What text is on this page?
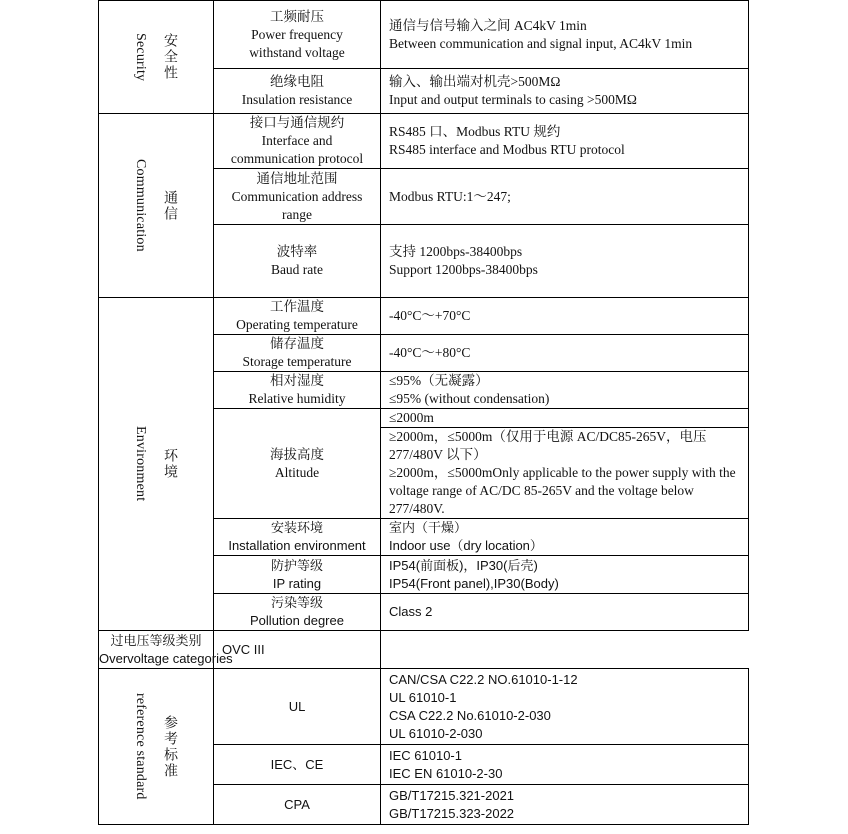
Security 安全性	工频耐压
Power frequency
withstand voltage	通信与信号输入之间 AC4kV 1min
Between communication and signal input, AC4kV 1min

	绝缘电阻
Insulation resistance	输入、输出端对机壳>500MΩ
Input and output terminals to casing >500MΩ

Communication 通信	接口与通信规约
Interface and
communication protocol	RS485 口、Modbus RTU 规约
RS485 interface and Modbus RTU protocol

	通信地址范围
Communication address
range	Modbus RTU:1～247;

	波特率
Baud rate	支持 1200bps-38400bps
Support 1200bps-38400bps

Environment 环境	工作温度
Operating temperature	-40°C～+70°C

	储存温度
Storage temperature	-40°C～+80°C

	相对湿度
Relative humidity	≤95%（无凝露）
≤95% (without condensation)

	海拔高度
Altitude	≤2000m

		≥2000m，≤5000m（仅用于电源 AC/DC85-265V，电压 277/480V 以下）
≥2000m，≤5000mOnly applicable to the power supply with the voltage range of AC/DC 85-265V and the voltage below 277/480V.

	安装环境
Installation environment	室内（干燥）
Indoor use（dry location）

	防护等级
IP rating	IP54(前面板)，IP30(后壳)
IP54(Front panel),IP30(Body)

	污染等级
Pollution degree	Class 2

过电压等级类别
Overvoltage categories	OVC III	

reference standard 参考标准	UL	CAN/CSA C22.2 NO.61010-1-12
UL 61010-1
CSA C22.2 No.61010-2-030
UL 61010-2-030

	IEC、CE	IEC 61010-1
IEC EN 61010-2-30

	CPA	GB/T17215.321-2021
GB/T17215.323-2022
